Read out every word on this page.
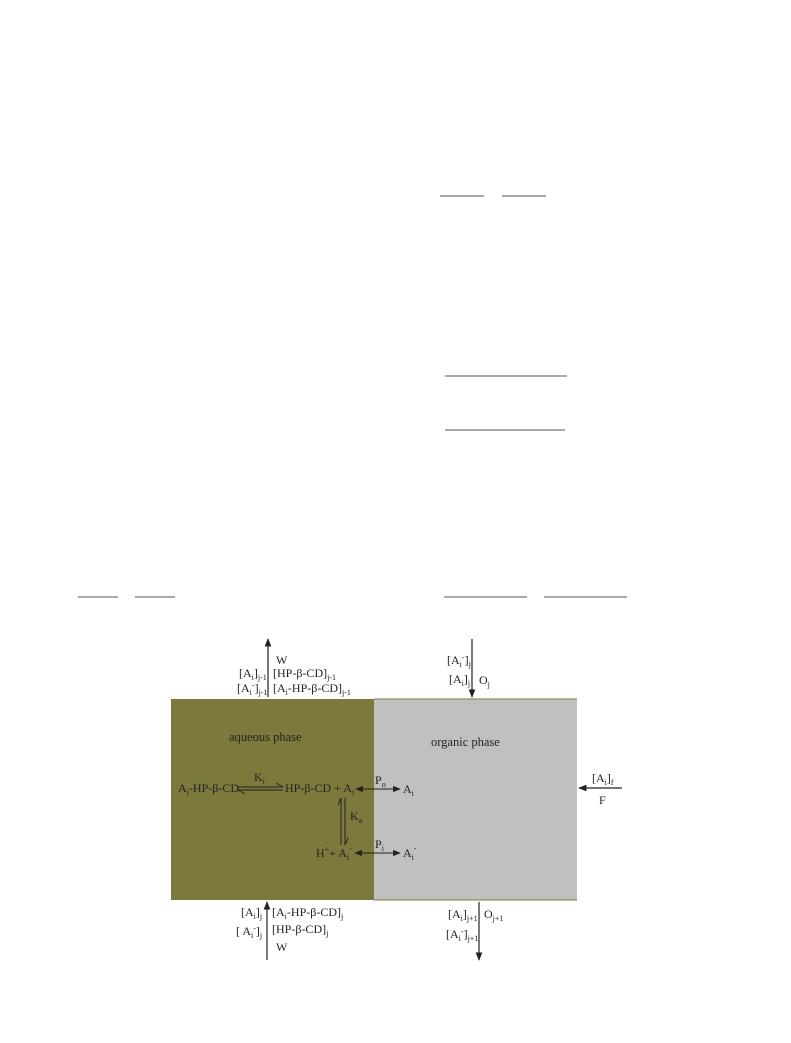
aqueous phase	organic phase
W
$[A_i]_{j-1}$ $[HP-\beta-CD]_{j-1}$
$[A_i^-]_{j-1}$ $[A_i-HP-\beta-CD]_{j-1}$
$[A_i^-]_j$
$[A_i]_j$ $O_j$
$[A_i]_f$
F
$A_i-HP-\beta-CD$
$K_i$ $HP-\beta-CD + A_i$
$P_o$ $A_i$
$K_a$
$H^++ A_i^-$ $P_i$ $A_i^-$
$[A_i]_j$ $[A_i-HP-\beta-CD]_j$
[ $A_i^-]_j$ $[HP-\beta-CD]_j$
W
$[A_i]_{j+1}$ $O_{j+1}$
$[A_i^-]_{j+1}$
